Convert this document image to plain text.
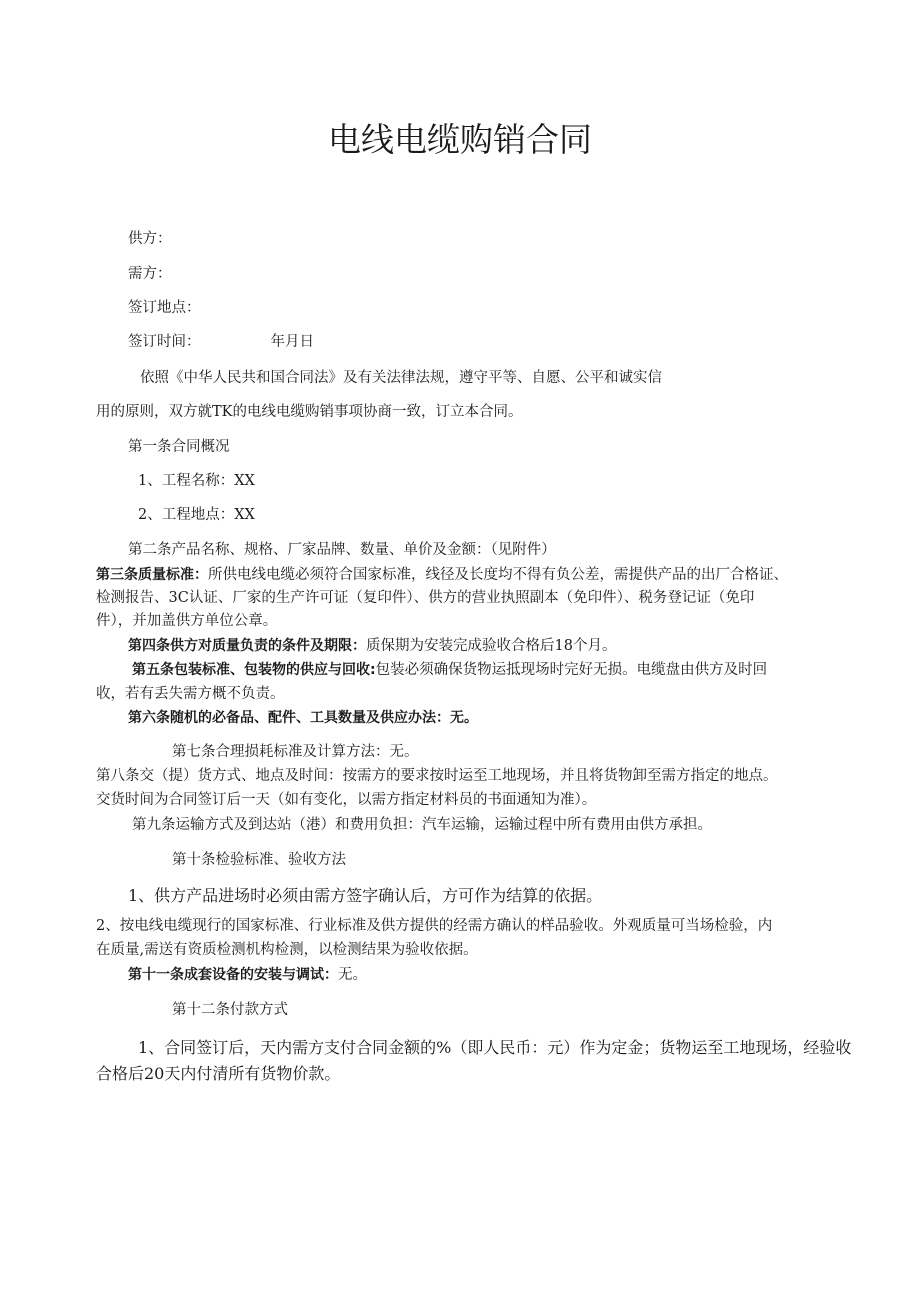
电线电缆购销合同

供方：

需方：

签订地点：

签订时间：	年月日

依照《中华人民共和国合同法》及有关法律法规，遵守平等、自愿、公平和诚实信

用的原则，双方就TK的电线电缆购销事项协商一致，订立本合同。

第一条合同概况

1、工程名称：XX

2、工程地点：XX

第二条产品名称、规格、厂家品牌、数量、单价及金额：（见附件）

第三条质量标准：所供电线电缆必须符合国家标准，线径及长度均不得有负公差，需提供产品的出厂合格证、

检测报告、3C认证、厂家的生产许可证（复印件）、供方的营业执照副本（免印件）、税务登记证（免印

件），并加盖供方单位公章。

第四条供方对质量负责的条件及期限：质保期为安装完成验收合格后18个月。

第五条包装标准、包装物的供应与回收:包装必须确保货物运抵现场时完好无损。电缆盘由供方及时回

收，若有丢失需方概不负责。

第六条随机的必备品、配件、工具数量及供应办法：无。

第七条合理损耗标准及计算方法：无。

第八条交（提）货方式、地点及时间：按需方的要求按时运至工地现场，并且将货物卸至需方指定的地点。

交货时间为合同签订后一天（如有变化，以需方指定材料员的书面通知为准）。

第九条运输方式及到达站（港）和费用负担：汽车运输，运输过程中所有费用由供方承担。

第十条检验标准、验收方法

1、供方产品进场时必须由需方签字确认后，方可作为结算的依据。

2、按电线电缆现行的国家标准、行业标准及供方提供的经需方确认的样品验收。外观质量可当场检验，内

在质量,需送有资质检测机构检测，以检测结果为验收依据。

第十一条成套设备的安装与调试：无。

第十二条付款方式

1、合同签订后，天内需方支付合同金额的%（即人民币：元）作为定金；货物运至工地现场，经验收

合格后20天内付清所有货物价款。
